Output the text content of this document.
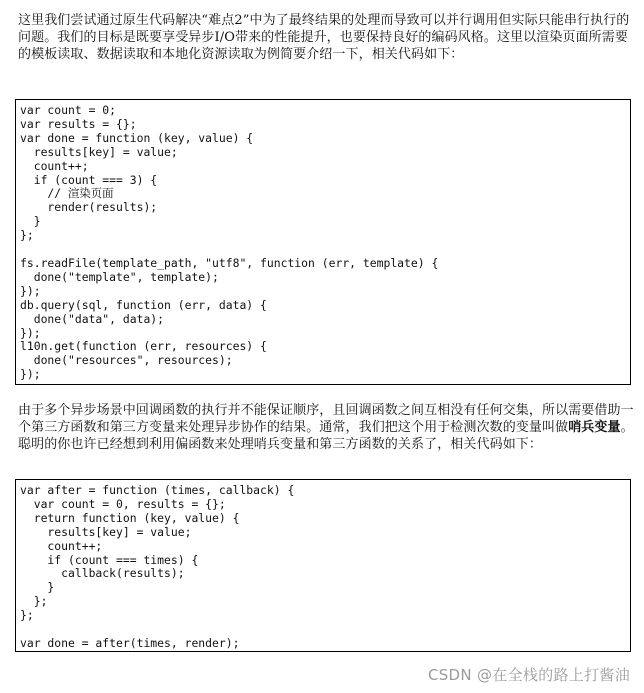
这里我们尝试通过原生代码解决“难点2”中为了最终结果的处理而导致可以并行调用但实际只能串行执行的问题。我们的目标是既要享受异步I/O带来的性能提升，也要保持良好的编码风格。这里以渲染页面所需要的模板读取、数据读取和本地化资源读取为例简要介绍一下，相关代码如下：

var count = 0;
var results = {};
var done = function (key, value) {
results[key] = value;
count++;
if (count === 3) {
// 渲染页面
render(results);
}
};

fs.readFile(template_path, "utf8", function (err, template) {
done("template", template);
});
db.query(sql, function (err, data) {
done("data", data);
});
l10n.get(function (err, resources) {
done("resources", resources);
});

由于多个异步场景中回调函数的执行并不能保证顺序，且回调函数之间互相没有任何交集，所以需要借助一个第三方函数和第三方变量来处理异步协作的结果。通常，我们把这个用于检测次数的变量叫做哨兵变量。聪明的你也许已经想到利用偏函数来处理哨兵变量和第三方函数的关系了，相关代码如下：

var after = function (times, callback) {
var count = 0, results = {};
return function (key, value) {
results[key] = value;
count++;
if (count === times) {
callback(results);
}
};
};

var done = after(times, render);
CSDN @在全栈的路上打酱油
